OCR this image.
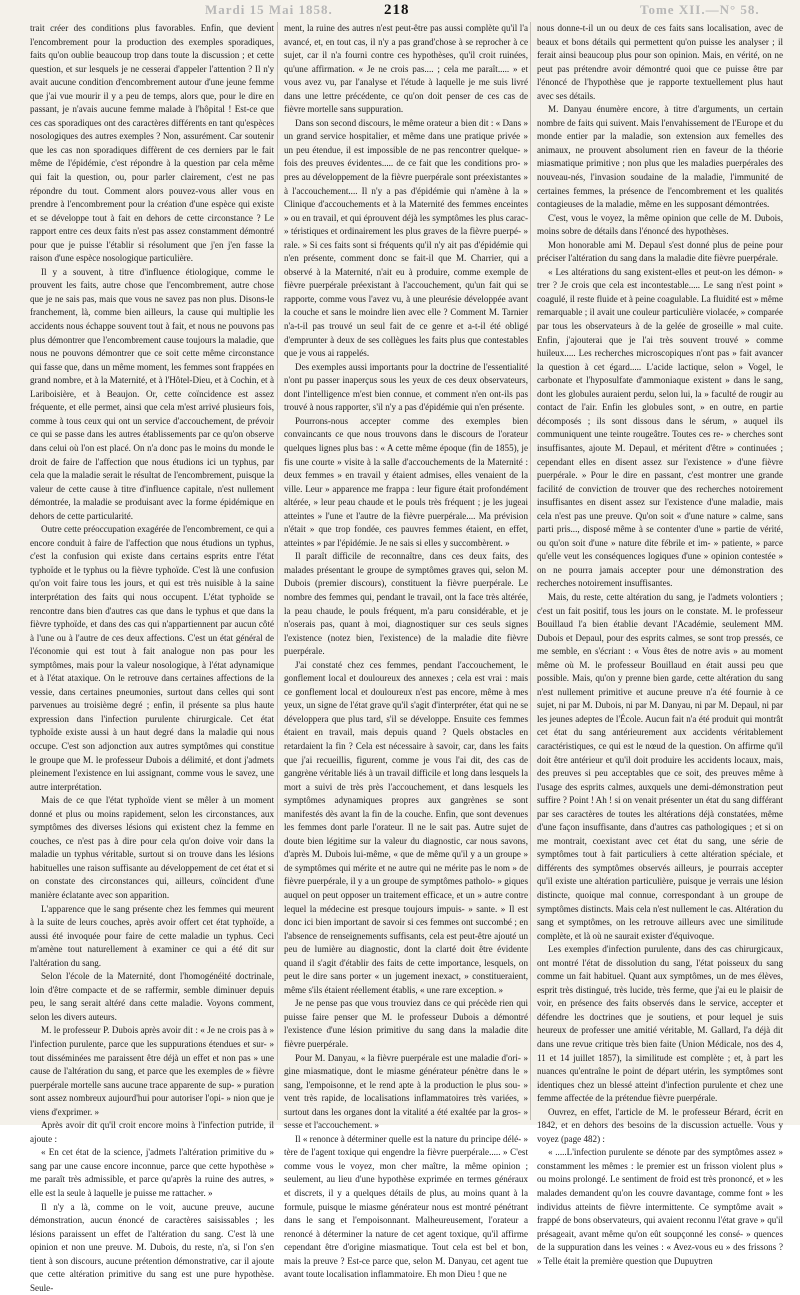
Mardi 15 Mai 1858.	218	Tome XII.—N° 58.

trait créer des conditions plus favorables. Enfin, que devient l'encombrement pour la production des exemples sporadiques, faits qu'on oublie beaucoup trop dans toute la discussion ; et cette question, et sur lesquels je ne cesserai d'appeler l'attention ? Il n'y avait aucune condition d'encombrement autour d'une jeune femme que j'ai vue mourir il y a peu de temps, alors que, pour le dire en passant, je n'avais aucune femme malade à l'hôpital ! Est-ce que ces cas sporadiques ont des caractères différents en tant qu'espèces nosologiques des autres exemples ? Non, assurément. Car soutenir que les cas non sporadiques diffèrent de ces derniers par le fait même de l'épidémie, c'est répondre à la question par cela même qui fait la question, ou, pour parler clairement, c'est ne pas répondre du tout. Comment alors pouvez-vous aller vous en prendre à l'encombrement pour la création d'une espèce qui existe et se développe tout à fait en dehors de cette circonstance ? Le rapport entre ces deux faits n'est pas assez constamment démontré pour que je puisse l'établir si résolument que j'en j'en fasse la raison d'une espèce nosologique particulière.

Il y a souvent, à titre d'influence étiologique, comme le prouvent les faits, autre chose que l'encombrement, autre chose que je ne sais pas, mais que vous ne savez pas non plus. Disons-le franchement, là, comme bien ailleurs, la cause qui multiplie les accidents nous échappe souvent tout à fait, et nous ne pouvons pas plus démontrer que l'encombrement cause toujours la maladie, que nous ne pouvons démontrer que ce soit cette même circonstance qui fasse que, dans un même moment, les femmes sont frappées en grand nombre, et à la Maternité, et à l'Hôtel-Dieu, et à Cochin, et à Lariboisière, et à Beaujon. Or, cette coïncidence est assez fréquente, et elle permet, ainsi que cela m'est arrivé plusieurs fois, comme à tous ceux qui ont un service d'accouchement, de prévoir ce qui se passe dans les autres établissements par ce qu'on observe dans celui où l'on est placé. On n'a donc pas le moins du monde le droit de faire de l'affection que nous étudions ici un typhus, par cela que la maladie serait le résultat de l'encombrement, puisque la valeur de cette cause à titre d'influence capitale, n'est nullement démontrée, la maladie se produisant avec la forme épidémique en dehors de cette particularité.

Outre cette préoccupation exagérée de l'encombrement, ce qui a encore conduit à faire de l'affection que nous étudions un typhus, c'est la confusion qui existe dans certains esprits entre l'état typhoïde et le typhus ou la fièvre typhoïde. C'est là une confusion qu'on voit faire tous les jours, et qui est très nuisible à la saine interprétation des faits qui nous occupent. L'état typhoïde se rencontre dans bien d'autres cas que dans le typhus et que dans la fièvre typhoïde, et dans des cas qui n'appartiennent par aucun côté à l'une ou à l'autre de ces deux affections. C'est un état général de l'économie qui est tout à fait analogue non pas pour les symptômes, mais pour la valeur nosologique, à l'état adynamique et à l'état ataxique. On le retrouve dans certaines affections de la vessie, dans certaines pneumonies, surtout dans celles qui sont parvenues au troisième degré ; enfin, il présente sa plus haute expression dans l'infection purulente chirurgicale. Cet état typhoïde existe aussi à un haut degré dans la maladie qui nous occupe. C'est son adjonction aux autres symptômes qui constitue le groupe que M. le professeur Dubois a délimité, et dont j'admets pleinement l'existence en lui assignant, comme vous le savez, une autre interprétation.

Mais de ce que l'état typhoïde vient se mêler à un moment donné et plus ou moins rapidement, selon les circonstances, aux symptômes des diverses lésions qui existent chez la femme en couches, ce n'est pas à dire pour cela qu'on doive voir dans la maladie un typhus véritable, surtout si on trouve dans les lésions habituelles une raison suffisante au développement de cet état et si on constate des circonstances qui, ailleurs, coïncident d'une manière éclatante avec son apparition.

L'apparence que le sang présente chez les femmes qui meurent à la suite de leurs couches, après avoir offert cet état typhoïde, a aussi été invoquée pour faire de cette maladie un typhus. Ceci m'amène tout naturellement à examiner ce qui a été dit sur l'altération du sang.

Selon l'école de la Maternité, dont l'homogénéité doctrinale, loin d'être compacte et de se raffermir, semble diminuer depuis peu, le sang serait altéré dans cette maladie. Voyons comment, selon les divers auteurs.

M. le professeur P. Dubois après avoir dit : « Je ne crois pas à » l'infection purulente, parce que les suppurations étendues et sur- » tout disséminées me paraissent être déjà un effet et non pas » une cause de l'altération du sang, et parce que les exemples de » fièvre puerpérale mortelle sans aucune trace apparente de sup- » puration sont assez nombreux aujourd'hui pour autoriser l'opi- » nion que je viens d'exprimer. »

Après avoir dit qu'il croit encore moins à l'infection putride, il ajoute :

« En cet état de la science, j'admets l'altération primitive du » sang par une cause encore inconnue, parce que cette hypothèse » me paraît très admissible, et parce qu'après la ruine des autres, » elle est la seule à laquelle je puisse me rattacher. »

Il n'y a là, comme on le voit, aucune preuve, aucune démonstration, aucun énoncé de caractères saisissables ; les lésions paraissent un effet de l'altération du sang. C'est là une opinion et non une preuve. M. Dubois, du reste, n'a, si l'on s'en tient à son discours, aucune prétention démonstrative, car il ajoute que cette altération primitive du sang est une pure hypothèse. Seule-

ment, la ruine des autres n'est peut-être pas aussi complète qu'il l'a avancé, et, en tout cas, il n'y a pas grand'chose à se reprocher à ce sujet, car il n'a fourni contre ces hypothèses, qu'il croit ruinées, qu'une affirmation. « Je ne crois pas.... ; cela me paraît..... » et vous avez vu, par l'analyse et l'étude à laquelle je me suis livré dans une lettre précédente, ce qu'on doit penser de ces cas de fièvre mortelle sans suppuration.

Dans son second discours, le même orateur a bien dit : « Dans » un grand service hospitalier, et même dans une pratique privée » un peu étendue, il est impossible de ne pas rencontrer quelque- » fois des preuves évidentes..... de ce fait que les conditions pro- » pres au développement de la fièvre puerpérale sont préexistantes » à l'accouchement.... Il n'y a pas d'épidémie qui n'amène à la » Clinique d'accouchements et à la Maternité des femmes enceintes » ou en travail, et qui éprouvent déjà les symptômes les plus carac- » téristiques et ordinairement les plus graves de la fièvre puerpé- » rale. » Si ces faits sont si fréquents qu'il n'y ait pas d'épidémie qui n'en présente, comment donc se fait-il que M. Charrier, qui a observé à la Maternité, n'ait eu à produire, comme exemple de fièvre puerpérale préexistant à l'accouchement, qu'un fait qui se rapporte, comme vous l'avez vu, à une pleurésie développée avant la couche et sans le moindre lien avec elle ? Comment M. Tarnier n'a-t-il pas trouvé un seul fait de ce genre et a-t-il été obligé d'emprunter à deux de ses collègues les faits plus que contestables que je vous ai rappelés.

Des exemples aussi importants pour la doctrine de l'essentialité n'ont pu passer inaperçus sous les yeux de ces deux observateurs, dont l'intelligence m'est bien connue, et comment n'en ont-ils pas trouvé à nous rapporter, s'il n'y a pas d'épidémie qui n'en présente.

Pourrons-nous accepter comme des exemples bien convaincants ce que nous trouvons dans le discours de l'orateur quelques lignes plus bas : « A cette même époque (fin de 1855), je fis une courte » visite à la salle d'accouchements de la Maternité : deux femmes » en travail y étaient admises, elles venaient de la ville. Leur » apparence me frappa : leur figure était profondément altérée, » leur peau chaude et le pouls très fréquent ; je les jugeai atteintes » l'une et l'autre de la fièvre puerpérale.... Ma prévision n'était » que trop fondée, ces pauvres femmes étaient, en effet, atteintes » par l'épidémie. Je ne sais si elles y succombèrent. »

Il paraît difficile de reconnaître, dans ces deux faits, des malades présentant le groupe de symptômes graves qui, selon M. Dubois (premier discours), constituent la fièvre puerpérale. Le nombre des femmes qui, pendant le travail, ont la face très altérée, la peau chaude, le pouls fréquent, m'a paru considérable, et je n'oserais pas, quant à moi, diagnostiquer sur ces seuls signes l'existence (notez bien, l'existence) de la maladie dite fièvre puerpérale.

J'ai constaté chez ces femmes, pendant l'accouchement, le gonflement local et douloureux des annexes ; cela est vrai : mais ce gonflement local et douloureux n'est pas encore, même à mes yeux, un signe de l'état grave qu'il s'agit d'interpréter, état qui ne se développera que plus tard, s'il se développe. Ensuite ces femmes étaient en travail, mais depuis quand ? Quels obstacles en retardaient la fin ? Cela est nécessaire à savoir, car, dans les faits que j'ai recueillis, figurent, comme je vous l'ai dit, des cas de gangrène véritable liés à un travail difficile et long dans lesquels la mort a suivi de très près l'accouchement, et dans lesquels les symptômes adynamiques propres aux gangrènes se sont manifestés dès avant la fin de la couche. Enfin, que sont devenues les femmes dont parle l'orateur. Il ne le sait pas. Autre sujet de doute bien légitime sur la valeur du diagnostic, car nous savons, d'après M. Dubois lui-même, « que de même qu'il y a un groupe » de symptômes qui mérite et ne autre qui ne mérite pas le nom » de fièvre puerpérale, il y a un groupe de symptômes patholo- » giques auquel on peut opposer un traitement efficace, et un » autre contre lequel la médecine est presque toujours impuis- » sante. » Il est donc ici bien important de savoir si ces femmes ont succombé ; en l'absence de renseignements suffisants, cela est peut-être ajouté un peu de lumière au diagnostic, dont la clarté doit être évidente quand il s'agit d'établir des faits de cette importance, lesquels, on peut le dire sans porter « un jugement inexact, » constitueraient, même s'ils étaient réellement établis, « une rare exception. »

Je ne pense pas que vous trouviez dans ce qui précède rien qui puisse faire penser que M. le professeur Dubois a démontré l'existence d'une lésion primitive du sang dans la maladie dite fièvre puerpérale.

Pour M. Danyau, « la fièvre puerpérale est une maladie d'ori- » gine miasmatique, dont le miasme générateur pénètre dans le » sang, l'empoisonne, et le rend apte à la production le plus sou- » vent très rapide, de localisations inflammatoires très variées, » surtout dans les organes dont la vitalité a été exaltée par la gros- » sesse et l'accouchement. »

Il « renonce à déterminer quelle est la nature du principe délé- » tère de l'agent toxique qui engendre la fièvre puerpérale..... » C'est comme vous le voyez, mon cher maître, la même opinion ; seulement, au lieu d'une hypothèse exprimée en termes généraux et discrets, il y a quelques détails de plus, au moins quant à la formule, puisque le miasme générateur nous est montré pénétrant dans le sang et l'empoisonnant. Malheureusement, l'orateur a renoncé à déterminer la nature de cet agent toxique, qu'il affirme cependant être d'origine miasmatique. Tout cela est bel et bon, mais la preuve ? Est-ce parce que, selon M. Danyau, cet agent tue avant toute localisation inflammatoire. Eh mon Dieu ! que ne

nous donne-t-il un ou deux de ces faits sans localisation, avec de beaux et bons détails qui permettent qu'on puisse les analyser ; il ferait ainsi beaucoup plus pour son opinion. Mais, en vérité, on ne peut pas prétendre avoir démontré quoi que ce puisse être par l'énoncé de l'hypothèse que je rapporte textuellement plus haut avec ses détails.

M. Danyau énumère encore, à titre d'arguments, un certain nombre de faits qui suivent. Mais l'envahissement de l'Europe et du monde entier par la maladie, son extension aux femelles des animaux, ne prouvent absolument rien en faveur de la théorie miasmatique primitive ; non plus que les maladies puerpérales des nouveau-nés, l'invasion soudaine de la maladie, l'immunité de certaines femmes, la présence de l'encombrement et les qualités contagieuses de la maladie, même en les supposant démontrées.

C'est, vous le voyez, la même opinion que celle de M. Dubois, moins sobre de détails dans l'énoncé des hypothèses.

Mon honorable ami M. Depaul s'est donné plus de peine pour préciser l'altération du sang dans la maladie dite fièvre puerpérale.

« Les altérations du sang existent-elles et peut-on les démon- » trer ? Je crois que cela est incontestable..... Le sang n'est point » coagulé, il reste fluide et à peine coagulable. La fluidité est » même remarquable ; il avait une couleur particulière violacée, » comparée par tous les observateurs à de la gelée de groseille » mal cuite. Enfin, j'ajouterai que je l'ai très souvent trouvé » comme huileux..... Les recherches microscopiques n'ont pas » fait avancer la question à cet égard..... L'acide lactique, selon » Vogel, le carbonate et l'hyposulfate d'ammoniaque existent » dans le sang, dont les globules auraient perdu, selon lui, la » faculté de rougir au contact de l'air. Enfin les globules sont, » en outre, en partie décomposés ; ils sont dissous dans le sérum, » auquel ils communiquent une teinte rougeâtre. Toutes ces re- » cherches sont insuffisantes, ajoute M. Depaul, et méritent d'être » continuées ; cependant elles en disent assez sur l'existence » d'une fièvre puerpérale. » Pour le dire en passant, c'est montrer une grande facilité de conviction de trouver que des recherches notoirement insuffisantes en disent assez sur l'existence d'une maladie, mais cela n'est pas une preuve. Qu'on soit « d'une nature » calme, sans parti pris..., disposé même à se contenter d'une » partie de vérité, ou qu'on soit d'une » nature dite fébrile et im- » patiente, » parce qu'elle veut les conséquences logiques d'une » opinion contestée » on ne pourra jamais accepter pour une démonstration des recherches notoirement insuffisantes.

Mais, du reste, cette altération du sang, je l'admets volontiers ; c'est un fait positif, tous les jours on le constate. M. le professeur Bouillaud l'a bien établie devant l'Académie, seulement MM. Dubois et Depaul, pour des esprits calmes, se sont trop pressés, ce me semble, en s'écriant : « Vous êtes de notre avis » au moment même où M. le professeur Bouillaud en était aussi peu que possible. Mais, qu'on y prenne bien garde, cette altération du sang n'est nullement primitive et aucune preuve n'a été fournie à ce sujet, ni par M. Dubois, ni par M. Danyau, ni par M. Depaul, ni par les jeunes adeptes de l'École. Aucun fait n'a été produit qui montrât cet état du sang antérieurement aux accidents véritablement caractéristiques, ce qui est le nœud de la question. On affirme qu'il doit être antérieur et qu'il doit produire les accidents locaux, mais, des preuves si peu acceptables que ce soit, des preuves même à l'usage des esprits calmes, auxquels une demi-démonstration peut suffire ? Point ! Ah ! si on venait présenter un état du sang différant par ses caractères de toutes les altérations déjà constatées, même d'une façon insuffisante, dans d'autres cas pathologiques ; et si on me montrait, coexistant avec cet état du sang, une série de symptômes tout à fait particuliers à cette altération spéciale, et différents des symptômes observés ailleurs, je pourrais accepter qu'il existe une altération particulière, puisque je verrais une lésion distincte, quoique mal connue, correspondant à un groupe de symptômes distincts. Mais cela n'est nullement le cas. Altération du sang et symptômes, on les retrouve ailleurs avec une similitude complète, et là où ne saurait exister d'équivoque.

Les exemples d'infection purulente, dans des cas chirurgicaux, ont montré l'état de dissolution du sang, l'état poisseux du sang comme un fait habituel. Quant aux symptômes, un de mes élèves, esprit très distingué, très lucide, très ferme, que j'ai eu le plaisir de voir, en présence des faits observés dans le service, accepter et défendre les doctrines que je soutiens, et pour lequel je suis heureux de professer une amitié véritable, M. Gallard, l'a déjà dit dans une revue critique très bien faite (Union Médicale, nos des 4, 11 et 14 juillet 1857), la similitude est complète ; et, à part les nuances qu'entraîne le point de départ utérin, les symptômes sont identiques chez un blessé atteint d'infection purulente et chez une femme affectée de la prétendue fièvre puerpérale.

Ouvrez, en effet, l'article de M. le professeur Bérard, écrit en 1842, et en dehors des besoins de la discussion actuelle. Vous y voyez (page 482) :

« .....L'infection purulente se dénote par des symptômes assez » constamment les mêmes : le premier est un frisson violent plus » ou moins prolongé. Le sentiment de froid est très prononcé, et » les malades demandent qu'on les couvre davantage, comme font » les individus atteints de fièvre intermittente. Ce symptôme avait » frappé de bons observateurs, qui avaient reconnu l'état grave » qu'il présageait, avant même qu'on eût soupçonné les consé- » quences de la suppuration dans les veines : « Avez-vous eu » des frissons ? » Telle était la première question que Dupuytren
